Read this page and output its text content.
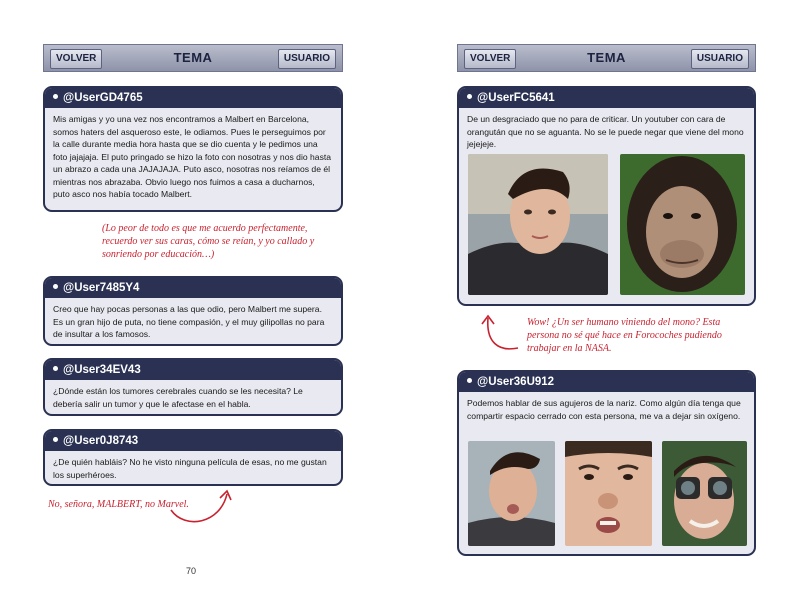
VOLVER	TEMA	USUARIO
@UserGD4765
Mis amigas y yo una vez nos encontramos a Malbert en Barcelona, somos haters del asqueroso este, le odiamos. Pues le perseguimos por la calle durante media hora hasta que se dio cuenta y le pedimos una foto jajajaja. El puto pringado se hizo la foto con nosotras y nos dio hasta un abrazo a cada una JAJAJAJA. Puto asco, nosotras nos reíamos de él mientras nos abrazaba. Obvio luego nos fuimos a casa a ducharnos, puto asco nos había tocado Malbert.
(Lo peor de todo es que me acuerdo perfectamente, recuerdo ver sus caras, cómo se reían, y yo callado y sonriendo por educación…)
@User7485Y4
Creo que hay pocas personas a las que odio, pero Malbert me supera. Es un gran hijo de puta, no tiene compasión, y el muy gilipollas no para de insultar a los famosos.
@User34EV43
¿Dónde están los tumores cerebrales cuando se les necesita? Le debería salir un tumor y que le afectase en el habla.
@User0J8743
¿De quién habláis? No he visto ninguna película de esas, no me gustan los superhéroes.
No, señora, MALBERT, no Marvel.
70
VOLVER	TEMA	USUARIO
@UserFC5641
De un desgraciado que no para de criticar. Un youtuber con cara de orangután que no se aguanta. No se le puede negar que viene del mono jejejeje.
Wow! ¿Un ser humano viniendo del mono? Esta persona no sé qué hace en Forocoches pudiendo trabajar en la NASA.
@User36U912
Podemos hablar de sus agujeros de la nariz. Como algún día tenga que compartir espacio cerrado con esta persona, me va a dejar sin oxígeno.
